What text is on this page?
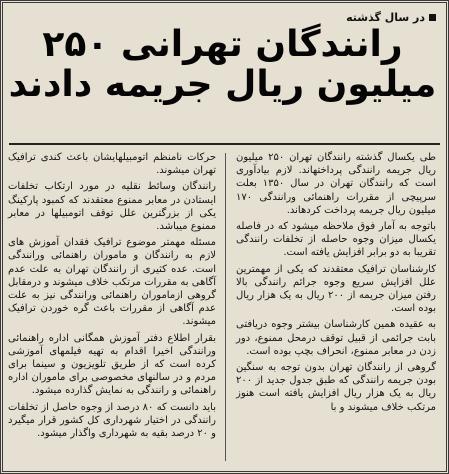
در سال گذشته
رانندگان تهرانی ۲۵۰
میلیون ریال جریمه دادند

طی یکسال گذشته رانندگان تهران ۲۵۰ میلیون ریال جریمه رانندگی پرداختهاند. لازم بیادآوری است که رانندگان تهران در سال ۱۳۵۰ بعلت سرپیچی از مقررات راهنمائی ورانندگی ۱۷۰ میلیون ریال جریمه پرداخت کردهاند.

باتوجه به آمار فوق ملاحظه میشود که در فاصله یکسال میزان وجوه حاصله از تخلفات رانندگی تقریبا به دو برابر افزایش یافته است.

کارشناسان ترافیک معتقدند که یکی از مهمترین علل افزایش سریع وجوه جرائم رانندگی بالا رفتن میزان جریمه از ۲۰۰ ریال به یک هزار ریال بوده است.

به عقیده همین کارشناسان بیشتر وجوه دریافتی بابت جرائمی از قبیل توقف درمحل ممنوع، دور زدن در معابر ممنوع، انحراف بچپ بوده است.

گروهی از رانندگان تهران بدون توجه به سنگین بودن جریمه رانندگی که طبق جدول جدید از ۲۰۰ ریال به یک هزار ریال افزایش یافته است هنوز مرتکب خلاف میشوند و با

حرکات نامنظم اتومبیلهایشان باعث کندی ترافیک تهران میشوند.

رانندگان وسائط نقلیه در مورد ارتکاب تخلفات ایستادن در معابر ممنوع معتقدند که کمبود پارکینگ یکی از بزرگترین علل توقف اتومبیلها در معابر ممنوع میباشد.

مسئله مهمتر موضوع ترافیک فقدان آموزش های لازم به رانندگان و ماموران راهنمائی ورانندگی است. عده کثیری از رانندگان تهران به علت عدم آگاهی به مقررات مرتکب خلاف میشوند و درمقابل گروهی ازماموران راهنمائی ورانندگی نیز به علت عدم آگاهی از مقررات باعث گره خوردن ترافیک میشوند.

بقرار اطلاع دفتر آموزش همگانی اداره راهنمائی ورانندگی اخیرا اقدام به تهیه فیلمهای آموزشی کرده است که از طریق تلویزیون و سینما برای مردم و در سالنهای مخصوصی برای ماموران اداره راهنمائی و رانندگی به نمایش گذارده میشود.

باید دانست که ۸۰ درصد از وجوه حاصل از تخلفات رانندگی در اختیار شهرداری کل کشور قرار میگیرد و ۲۰ درصد بقیه به شهرداری واگذار میشود.
